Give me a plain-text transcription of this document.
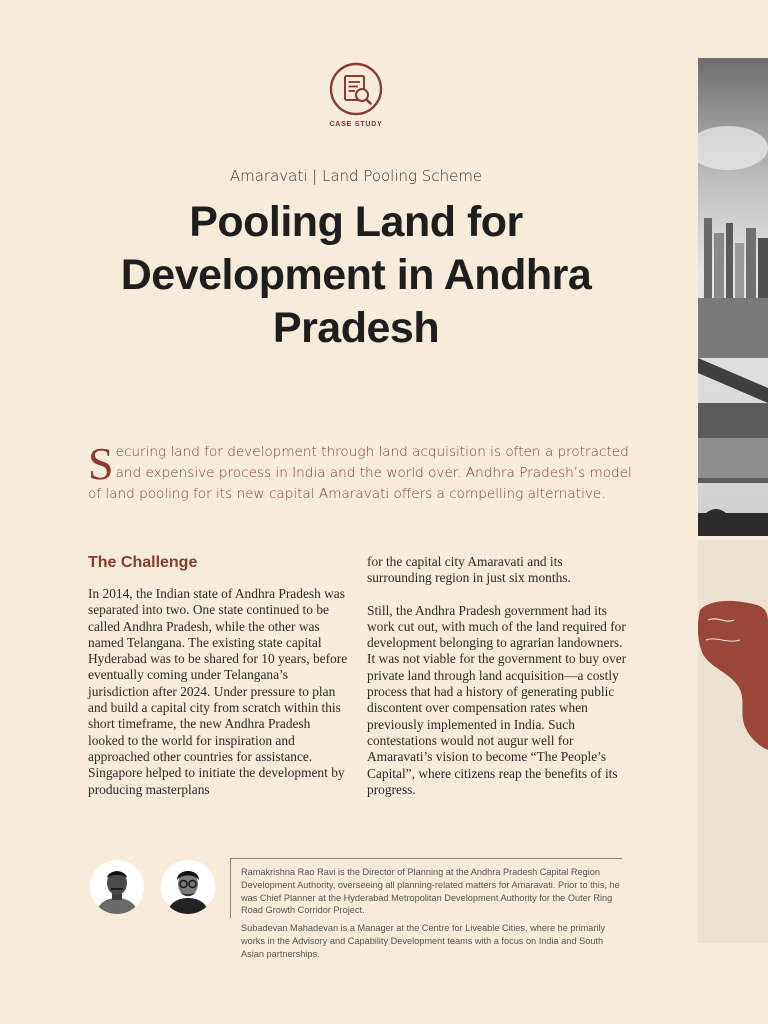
CASE STUDY
Amaravati | Land Pooling Scheme
Pooling Land for Development in Andhra Pradesh
Securing land for development through land acquisition is often a protracted and expensive process in India and the world over. Andhra Pradesh’s model of land pooling for its new capital Amaravati offers a compelling alternative.
The Challenge
In 2014, the Indian state of Andhra Pradesh was separated into two. One state continued to be called Andhra Pradesh, while the other was named Telangana. The existing state capital Hyderabad was to be shared for 10 years, before eventually coming under Telangana’s jurisdiction after 2024. Under pressure to plan and build a capital city from scratch within this short timeframe, the new Andhra Pradesh looked to the world for inspiration and approached other countries for assistance. Singapore helped to initiate the development by producing masterplans

for the capital city Amaravati and its surrounding region in just six months.

Still, the Andhra Pradesh government had its work cut out, with much of the land required for development belonging to agrarian landowners. It was not viable for the government to buy over private land through land acquisition—a costly process that had a history of generating public discontent over compensation rates when previously implemented in India. Such contestations would not augur well for Amaravati’s vision to become “The People’s Capital”, where citizens reap the benefits of its progress.

Ramakrishna Rao Ravi is the Director of Planning at the Andhra Pradesh Capital Region Development Authority, overseeing all planning-related matters for Amaravati. Prior to this, he was Chief Planner at the Hyderabad Metropolitan Development Authority for the Outer Ring Road Growth Corridor Project.

Subadevan Mahadevan is a Manager at the Centre for Liveable Cities, where he primarily works in the Advisory and Capability Development teams with a focus on India and South Asian partnerships.
